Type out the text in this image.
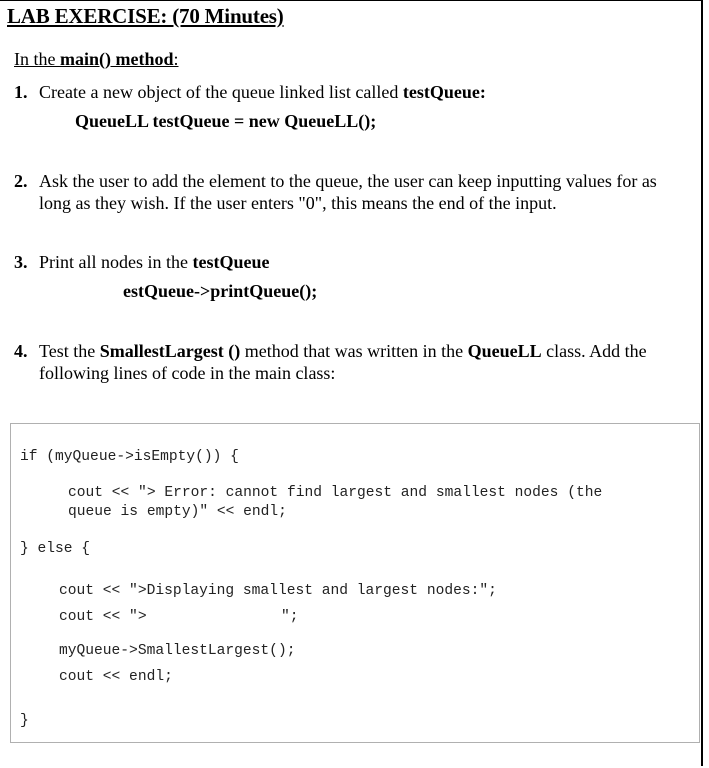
LAB EXERCISE: (70 Minutes)
In the main() method:
1. Create a new object of the queue linked list called testQueue:
QueueLL testQueue = new QueueLL();
2. Ask the user to add the element to the queue, the user can keep inputting values for as
long as they wish. If the user enters "0", this means the end of the input.
3. Print all nodes in the testQueue
estQueue->printQueue();
4. Test the SmallestLargest () method that was written in the QueueLL class. Add the
following lines of code in the main class:
if (myQueue->isEmpty()) {
cout << "> Error: cannot find largest and smallest nodes (the
queue is empty)" << endl;
} else {
cout << ">Displaying smallest and largest nodes:";
cout << ">	";
myQueue->SmallestLargest();
cout << endl;
}
